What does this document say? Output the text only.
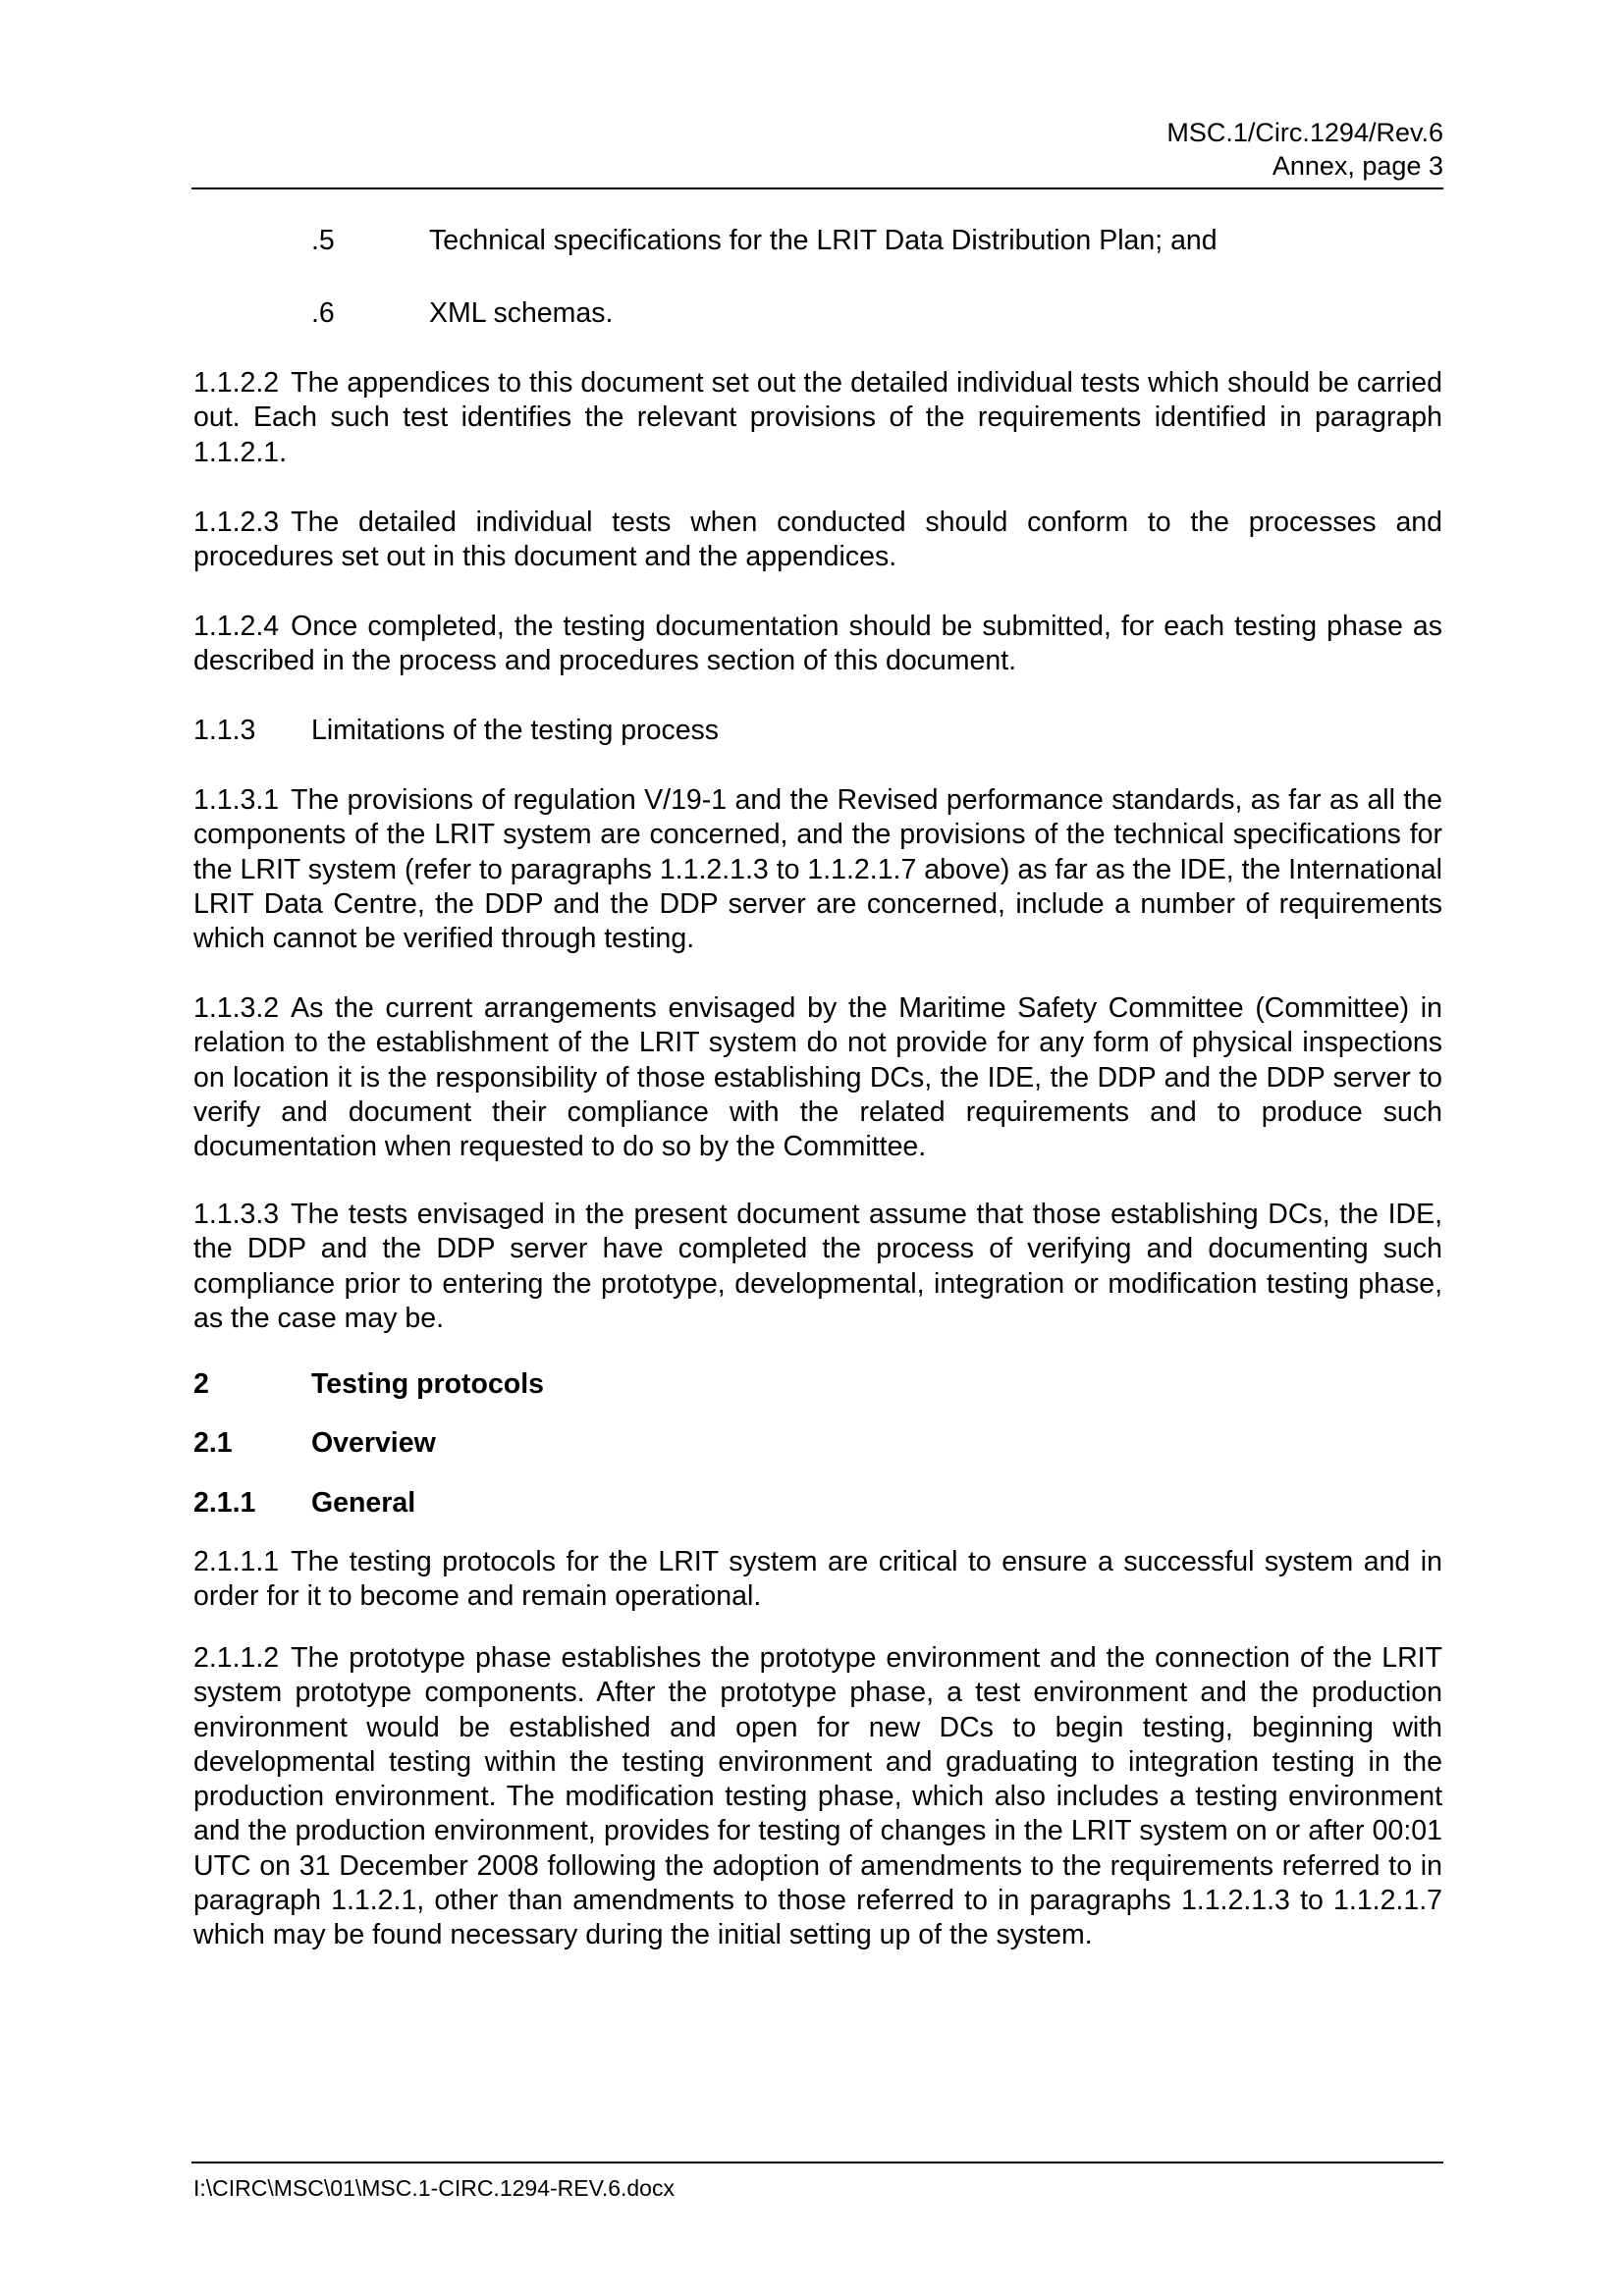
MSC.1/Circ.1294/Rev.6
Annex, page 3
.5	Technical specifications for the LRIT Data Distribution Plan; and
.6	XML schemas.
1.1.2.2 The appendices to this document set out the detailed individual tests which should be carried out. Each such test identifies the relevant provisions of the requirements identified in paragraph 1.1.2.1.
1.1.2.3 The detailed individual tests when conducted should conform to the processes and procedures set out in this document and the appendices.
1.1.2.4 Once completed, the testing documentation should be submitted, for each testing phase as described in the process and procedures section of this document.
1.1.3 Limitations of the testing process
1.1.3.1 The provisions of regulation V/19-1 and the Revised performance standards, as far as all the components of the LRIT system are concerned, and the provisions of the technical specifications for the LRIT system (refer to paragraphs 1.1.2.1.3 to 1.1.2.1.7 above) as far as the IDE, the International LRIT Data Centre, the DDP and the DDP server are concerned, include a number of requirements which cannot be verified through testing.
1.1.3.2 As the current arrangements envisaged by the Maritime Safety Committee (Committee) in relation to the establishment of the LRIT system do not provide for any form of physical inspections on location it is the responsibility of those establishing DCs, the IDE, the DDP and the DDP server to verify and document their compliance with the related requirements and to produce such documentation when requested to do so by the Committee.
1.1.3.3 The tests envisaged in the present document assume that those establishing DCs, the IDE, the DDP and the DDP server have completed the process of verifying and documenting such compliance prior to entering the prototype, developmental, integration or modification testing phase, as the case may be.
2	Testing protocols
2.1	Overview
2.1.1 General
2.1.1.1 The testing protocols for the LRIT system are critical to ensure a successful system and in order for it to become and remain operational.
2.1.1.2 The prototype phase establishes the prototype environment and the connection of the LRIT system prototype components. After the prototype phase, a test environment and the production environment would be established and open for new DCs to begin testing, beginning with developmental testing within the testing environment and graduating to integration testing in the production environment. The modification testing phase, which also includes a testing environment and the production environment, provides for testing of changes in the LRIT system on or after 00:01 UTC on 31 December 2008 following the adoption of amendments to the requirements referred to in paragraph 1.1.2.1, other than amendments to those referred to in paragraphs 1.1.2.1.3 to 1.1.2.1.7 which may be found necessary during the initial setting up of the system.
I:\CIRC\MSC\01\MSC.1-CIRC.1294-REV.6.docx
